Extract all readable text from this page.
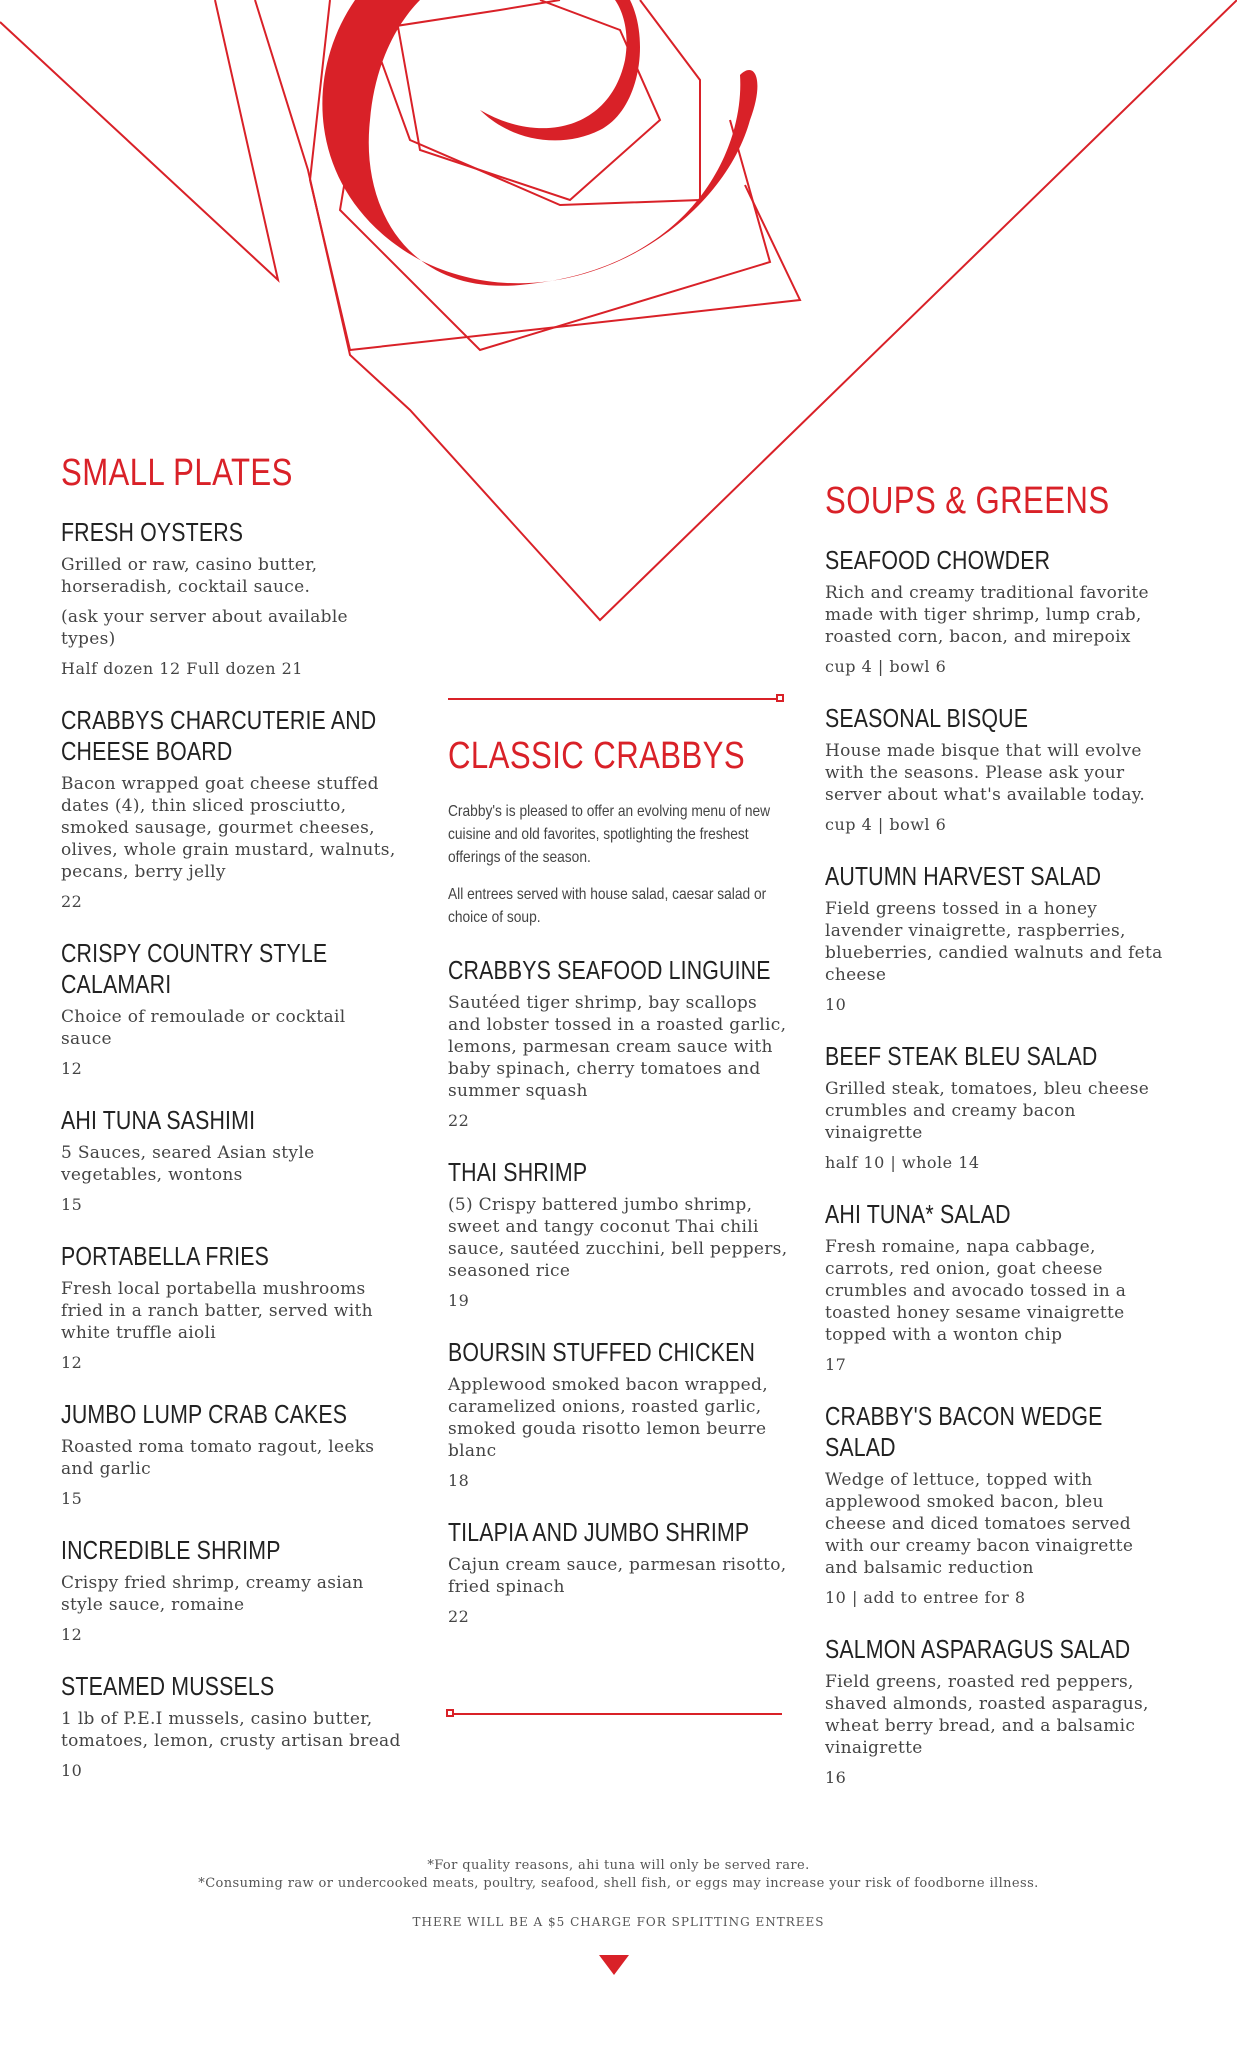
SMALL PLATES
FRESH OYSTERS
Grilled or raw, casino butter, horseradish, cocktail sauce.
(ask your server about available types)
Half dozen 12 Full dozen 21
CRABBYS CHARCUTERIE AND
CHEESE BOARD
Bacon wrapped goat cheese stuffed dates (4), thin sliced prosciutto, smoked sausage, gourmet cheeses, olives, whole grain mustard, walnuts, pecans, berry jelly
22
CRISPY COUNTRY STYLE CALAMARI
Choice of remoulade or cocktail sauce
12
AHI TUNA SASHIMI
5 Sauces, seared Asian style vegetables, wontons
15
PORTABELLA FRIES
Fresh local portabella mushrooms fried in a ranch batter, served with white truffle aioli
12
JUMBO LUMP CRAB CAKES
Roasted roma tomato ragout, leeks and garlic
15
INCREDIBLE SHRIMP
Crispy fried shrimp, creamy asian style sauce, romaine
12
STEAMED MUSSELS
1 lb of P.E.I mussels, casino butter, tomatoes, lemon, crusty artisan bread
10
CLASSIC CRABBYS
Crabby's is pleased to offer an evolving menu of new cuisine and old favorites, spotlighting the freshest offerings of the season.
All entrees served with house salad, caesar salad or choice of soup.
CRABBYS SEAFOOD LINGUINE
Sautéed tiger shrimp, bay scallops and lobster tossed in a roasted garlic, lemons, parmesan cream sauce with baby spinach, cherry tomatoes and summer squash
22
THAI SHRIMP
(5) Crispy battered jumbo shrimp, sweet and tangy coconut Thai chili sauce, sautéed zucchini, bell peppers, seasoned rice
19
BOURSIN STUFFED CHICKEN
Applewood smoked bacon wrapped, caramelized onions, roasted garlic, smoked gouda risotto lemon beurre blanc
18
TILAPIA AND JUMBO SHRIMP
Cajun cream sauce, parmesan risotto, fried spinach
22
SOUPS & GREENS
SEAFOOD CHOWDER
Rich and creamy traditional favorite made with tiger shrimp, lump crab, roasted corn, bacon, and mirepoix
cup 4 | bowl 6
SEASONAL BISQUE
House made bisque that will evolve with the seasons. Please ask your server about what's available today.
cup 4 | bowl 6
AUTUMN HARVEST SALAD
Field greens tossed in a honey lavender vinaigrette, raspberries, blueberries, candied walnuts and feta cheese
10
BEEF STEAK BLEU SALAD
Grilled steak, tomatoes, bleu cheese crumbles and creamy bacon vinaigrette
half 10 | whole 14
AHI TUNA* SALAD
Fresh romaine, napa cabbage, carrots, red onion, goat cheese crumbles and avocado tossed in a toasted honey sesame vinaigrette topped with a wonton chip
17
CRABBY'S BACON WEDGE SALAD
Wedge of lettuce, topped with applewood smoked bacon, bleu cheese and diced tomatoes served with our creamy bacon vinaigrette and balsamic reduction
10 | add to entree for 8
SALMON ASPARAGUS SALAD
Field greens, roasted red peppers, shaved almonds, roasted asparagus, wheat berry bread, and a balsamic vinaigrette
16
*For quality reasons, ahi tuna will only be served rare.
*Consuming raw or undercooked meats, poultry, seafood, shell fish, or eggs may increase your risk of foodborne illness.
THERE WILL BE A $5 CHARGE FOR SPLITTING ENTREES
